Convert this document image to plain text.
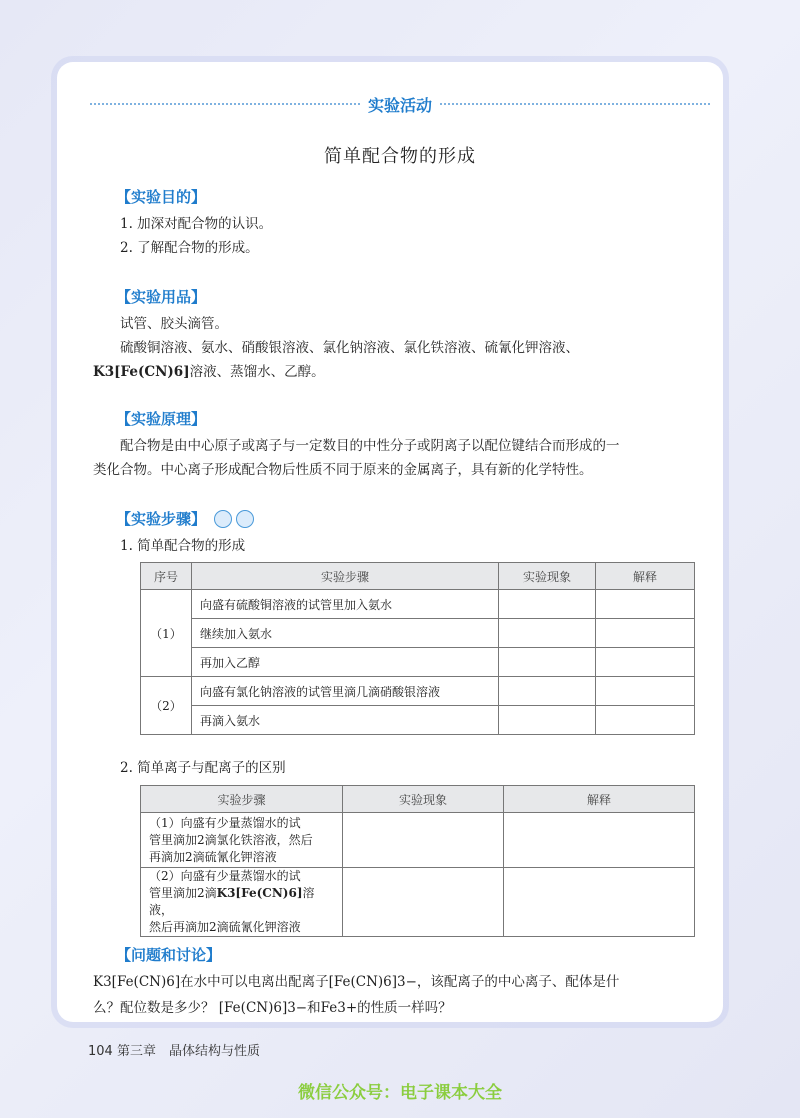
实验活动
简单配合物的形成
【实验目的】
1. 加深对配合物的认识。
2. 了解配合物的形成。
【实验用品】
试管、胶头滴管。
硫酸铜溶液、氨水、硝酸银溶液、氯化钠溶液、氯化铁溶液、硫氰化钾溶液、
K3[Fe(CN)6]溶液、蒸馏水、乙醇。
【实验原理】
配合物是由中心原子或离子与一定数目的中性分子或阴离子以配位键结合而形成的一
类化合物。中心离子形成配合物后性质不同于原来的金属离子，具有新的化学特性。
【实验步骤】
1. 简单配合物的形成
序号	实验步骤	实验现象	解释
（1）	向盛有硫酸铜溶液的试管里加入氨水		
	继续加入氨水		
	再加入乙醇		
（2）	向盛有氯化钠溶液的试管里滴几滴硝酸银溶液		
	再滴入氨水		
2. 简单离子与配离子的区别
实验步骤	实验现象	解释

（1）向盛有少量蒸馏水的试
管里滴加2滴氯化铁溶液，然后
再滴加2滴硫氰化钾溶液		

（2）向盛有少量蒸馏水的试
管里滴加2滴K3[Fe(CN)6]溶液，
然后再滴加2滴硫氰化钾溶液		

【问题和讨论】
K3[Fe(CN)6]在水中可以电离出配离子[Fe(CN)6]3−，该配离子的中心离子、配体是什
么？配位数是多少？ [Fe(CN)6]3−和Fe3+的性质一样吗？
104 第三章　晶体结构与性质
微信公众号：电子课本大全
